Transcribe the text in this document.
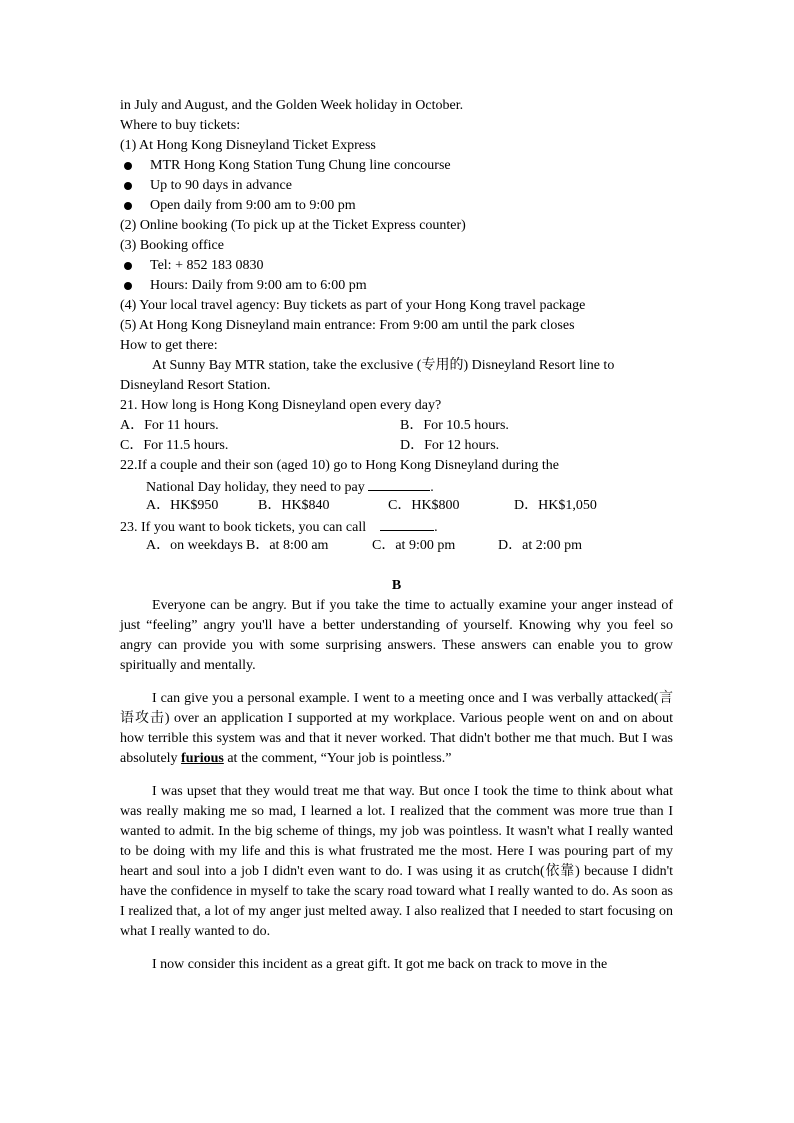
in July and August, and the Golden Week holiday in October.
Where to buy tickets:
(1) At Hong Kong Disneyland Ticket Express
MTR Hong Kong Station Tung Chung line concourse
Up to 90 days in advance
Open daily from 9:00 am to 9:00 pm
(2) Online booking (To pick up at the Ticket Express counter)
(3) Booking office
Tel: + 852 183 0830
Hours: Daily from 9:00 am to 6:00 pm
(4) Your local travel agency: Buy tickets as part of your Hong Kong travel package
(5) At Hong Kong Disneyland main entrance: From 9:00 am until the park closes
How to get there:
At Sunny Bay MTR station, take the exclusive (专用的) Disneyland Resort line to
Disneyland Resort Station.
21. How long is Hong Kong Disneyland open every day?
A．For 11 hours.	B．For 10.5 hours.
C．For 11.5 hours.	D．For 12 hours.
22.If a couple and their son (aged 10) go to Hong Kong Disneyland during the
National Day holiday, they need to pay	.
A．HK$950	B．HK$840	C．HK$800	D．HK$1,050
23. If you want to book tickets, you can call	.
A．on weekdays B．at 8:00 am	C．at 9:00 pm	D．at 2:00 pm
B

Everyone can be angry. But if you take the time to actually examine your anger instead of just “feeling” angry you'll have a better understanding of yourself. Knowing why you feel so angry can provide you with some surprising answers. These answers can enable you to grow spiritually and mentally.

I can give you a personal example. I went to a meeting once and I was verbally attacked(言语攻击) over an application I supported at my workplace. Various people went on and on about how terrible this system was and that it never worked. That didn't bother me that much. But I was absolutely furious at the comment, “Your job is pointless.”

I was upset that they would treat me that way. But once I took the time to think about what was really making me so mad, I learned a lot. I realized that the comment was more true than I wanted to admit. In the big scheme of things, my job was pointless. It wasn't what I really wanted to be doing with my life and this is what frustrated me the most. Here I was pouring part of my heart and soul into a job I didn't even want to do. I was using it as crutch(依靠) because I didn't have the confidence in myself to take the scary road toward what I really wanted to do. As soon as I realized that, a lot of my anger just melted away. I also realized that I needed to start focusing on what I really wanted to do.

I now consider this incident as a great gift. It got me back on track to move in the
